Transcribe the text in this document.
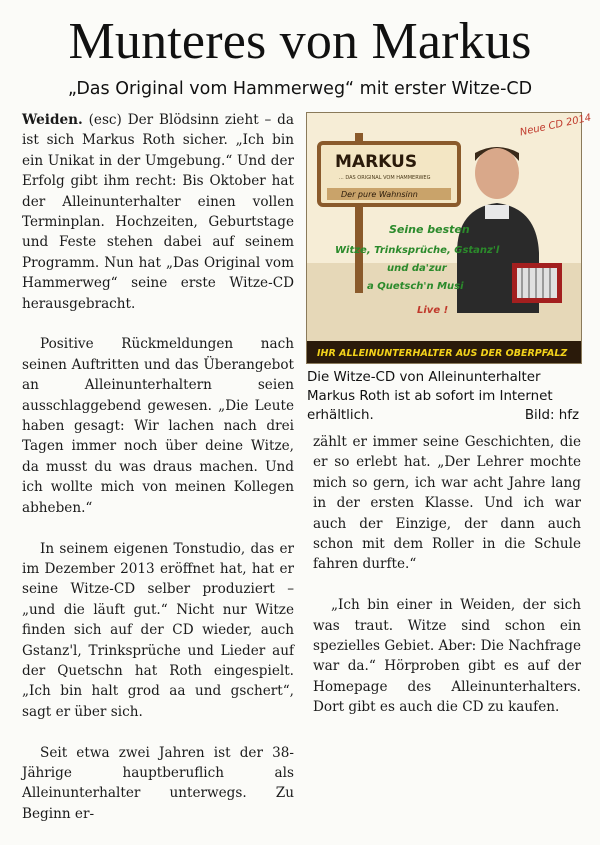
Munteres von Markus
„Das Original vom Hammerweg“ mit erster Witze-CD

Weiden. (esc) Der Blödsinn zieht – da ist sich Markus Roth sicher. „Ich bin ein Unikat in der Umgebung.“ Und der Erfolg gibt ihm recht: Bis Oktober hat der Alleinunterhalter einen vollen Terminplan. Hochzeiten, Geburtstage und Feste stehen dabei auf seinem Programm. Nun hat „Das Original vom Hammerweg“ seine erste Witze-CD herausgebracht.

Positive Rückmeldungen nach seinen Auftritten und das Überangebot an Alleinunterhaltern seien ausschlaggebend gewesen. „Die Leute haben gesagt: Wir lachen nach drei Tagen immer noch über deine Witze, da musst du was draus machen. Und ich wollte mich von meinen Kollegen abheben.“

In seinem eigenen Tonstudio, das er im Dezember 2013 eröffnet hat, hat er seine Witze-CD selber produziert – „und die läuft gut.“ Nicht nur Witze finden sich auf der CD wieder, auch Gstanz'l, Trinksprüche und Lieder auf der Quetschn hat Roth eingespielt. „Ich bin halt grod aa und gschert“, sagt er über sich.

Seit etwa zwei Jahren ist der 38-Jährige hauptberuflich als Alleinunterhalter unterwegs. Zu Beginn er-

Neue CD 2014
MARKUS
... DAS ORIGINAL VOM HAMMERWEG
Der pure Wahnsinn
Seine besten
Witze, Trinksprüche, Gstanz'l
und da'zur
a Quetsch'n Musi
Live !
IHR ALLEINUNTERHALTER AUS DER OBERPFALZ
Die Witze-CD von Alleinunterhalter Markus Roth ist ab sofort im Internet erhältlich.	Bild: hfz

zählt er immer seine Geschichten, die er so erlebt hat. „Der Lehrer mochte mich so gern, ich war acht Jahre lang in der ersten Klasse. Und ich war auch der Einzige, der dann auch schon mit dem Roller in die Schule fahren durfte.“

„Ich bin einer in Weiden, der sich was traut. Witze sind schon ein spezielles Gebiet. Aber: Die Nachfrage war da.“ Hörproben gibt es auf der Homepage des Alleinunterhalters. Dort gibt es auch die CD zu kaufen.
